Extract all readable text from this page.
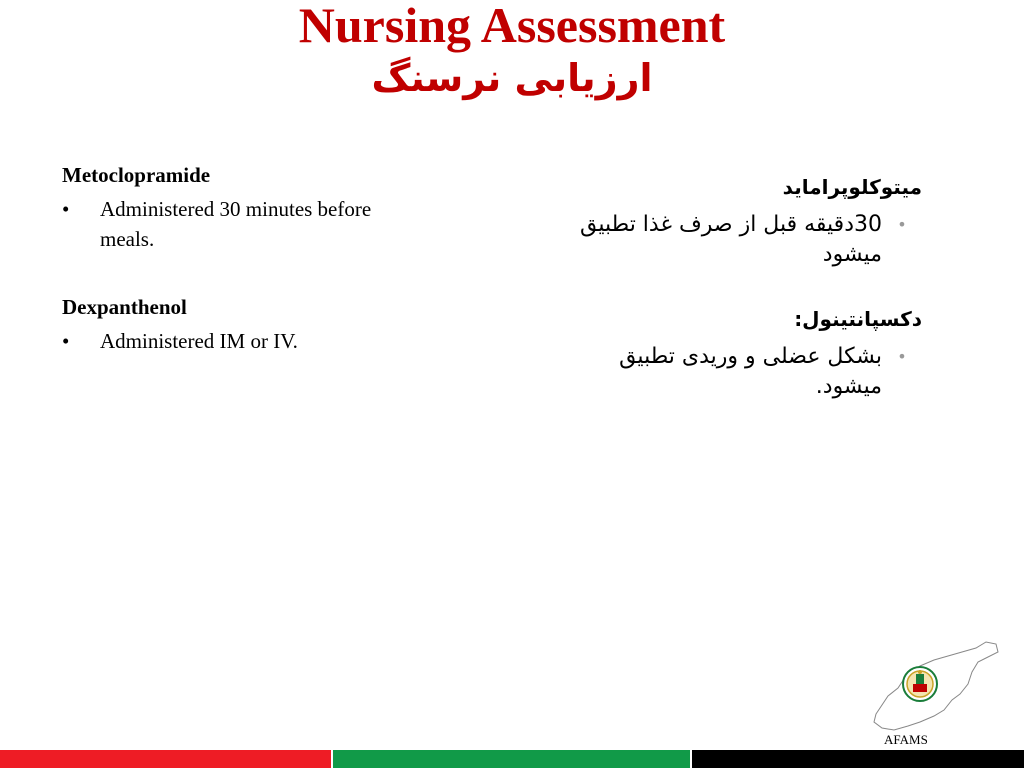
Nursing Assessment
ارزیابی نرسنگ

Metoclopramide

•	Administered 30 minutes before meals.

Dexpanthenol

•	Administered IM or IV.

میتوکلوپرامايد

•
30دقیقه قبل از صرف غذا تطبیق میشود

دکسپانتینول:

•
بشکل عضلی و وریدی تطبیق میشود.
AFAMS
